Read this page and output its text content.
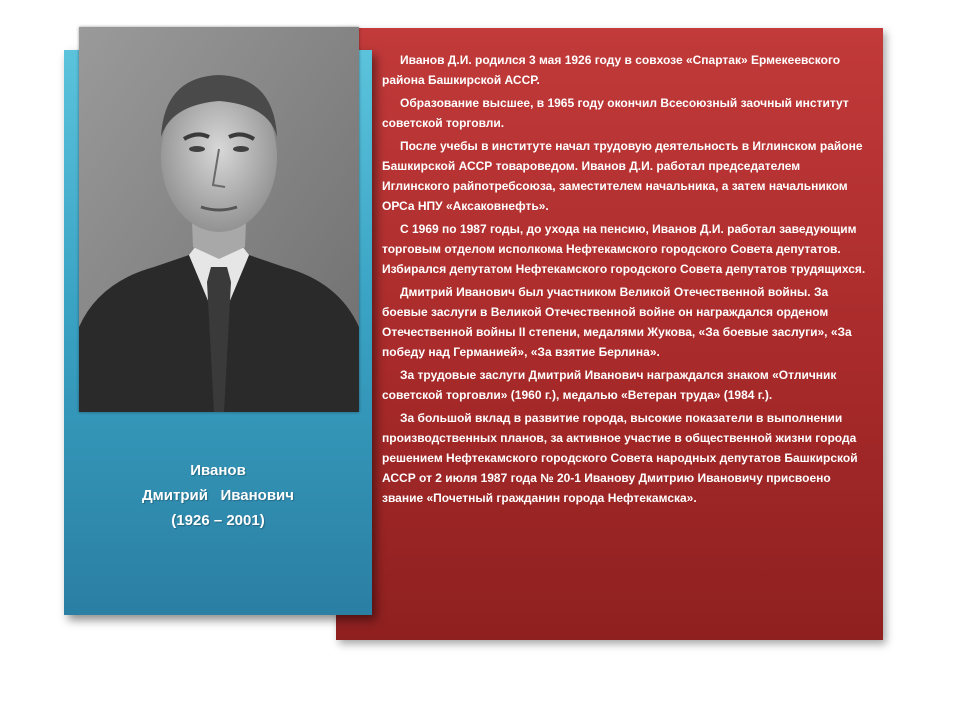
Иванов
Дмитрий   Иванович
(1926 – 2001)

Иванов Д.И. родился 3 мая 1926 году в совхозе «Спартак» Ермекеевского района Башкирской АССР.

Образование высшее, в 1965 году окончил Всесоюзный заочный институт советской торговли.

После учебы в институте начал трудовую деятельность в Иглинском районе Башкирской АССР товароведом. Иванов Д.И. работал председателем Иглинского райпотребсоюза, заместителем начальника, а затем начальником ОРСа НПУ «Аксаковнефть».

С 1969 по 1987 годы, до ухода на пенсию, Иванов Д.И. работал заведующим торговым отделом исполкома Нефтекамского городского Совета депутатов. Избирался депутатом Нефтекамского городского Совета депутатов трудящихся.

Дмитрий Иванович был участником Великой Отечественной войны. За боевые заслуги в Великой Отечественной войне он награждался орденом Отечественной войны II степени, медалями Жукова, «За боевые заслуги», «За победу над Германией», «За взятие Берлина».

За трудовые заслуги Дмитрий Иванович награждался знаком «Отличник советской торговли» (1960 г.), медалью «Ветеран труда» (1984 г.).

За большой вклад в развитие города, высокие показатели в выполнении производственных планов, за активное участие в общественной жизни города решением Нефтекамского городского Совета народных депутатов Башкирской АССР от 2 июля 1987 года № 20-1 Иванову Дмитрию Ивановичу присвоено звание «Почетный гражданин города Нефтекамска».
